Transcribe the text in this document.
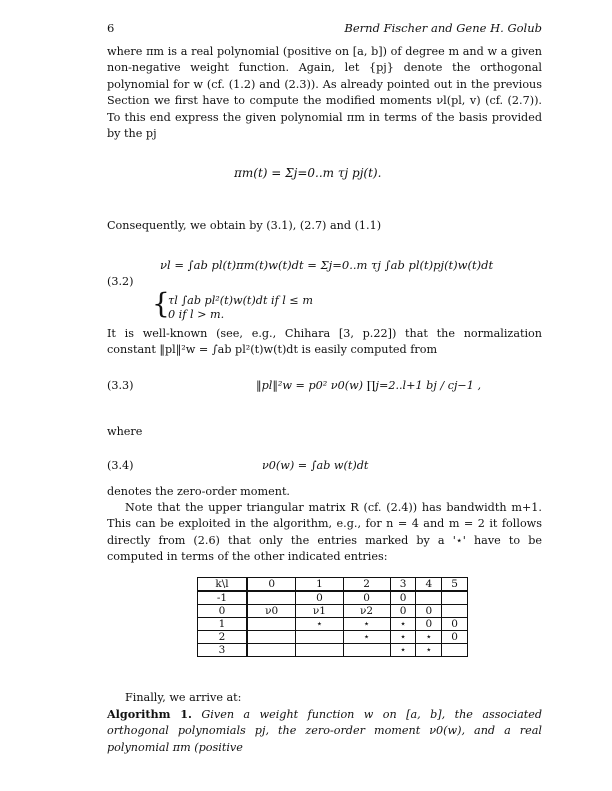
6	Bernd Fischer and Gene H. Golub
where πm is a real polynomial (positive on [a, b]) of degree m and w a given non-negative weight function. Again, let {pj} denote the orthogonal polynomial for w (cf. (1.2) and (2.3)). As already pointed out in the previous Section we first have to compute the modified moments νl(pl, v) (cf. (2.7)). To this end express the given polynomial πm in terms of the basis provided by the pj
πm(t) = Σj=0..m τj pj(t).
Consequently, we obtain by (3.1), (2.7) and (1.1)
(3.2)
νl = ∫ab pl(t)πm(t)w(t)dt = Σj=0..m τj ∫ab pl(t)pj(t)w(t)dt
{
τl ∫ab pl²(t)w(t)dt if l ≤ m
0 if l > m.
It is well-known (see, e.g., Chihara [3, p.22]) that the normalization constant ‖pl‖²w = ∫ab pl²(t)w(t)dt is easily computed from
(3.3)	‖pl‖²w = p0² ν0(w) ∏j=2..l+1 bj / cj−1 ,
where
(3.4)	ν0(w) = ∫ab w(t)dt
denotes the zero-order moment.
Note that the upper triangular matrix R (cf. (2.4)) has bandwidth m+1. This can be exploited in the algorithm, e.g., for n = 4 and m = 2 it follows directly from (2.6) that only the entries marked by a '⋆' have to be computed in terms of the other indicated entries:
k\l	0	1	2	3	4	5
-1		0	0	0		
0	ν0	ν1	ν2	0	0	
1		⋆	⋆	⋆	0	0
2			⋆	⋆	⋆	0
3				⋆	⋆	
Finally, we arrive at:
Algorithm 1. Given a weight function w on [a, b], the associated orthogonal polynomials pj, the zero-order moment ν0(w), and a real polynomial πm (positive
